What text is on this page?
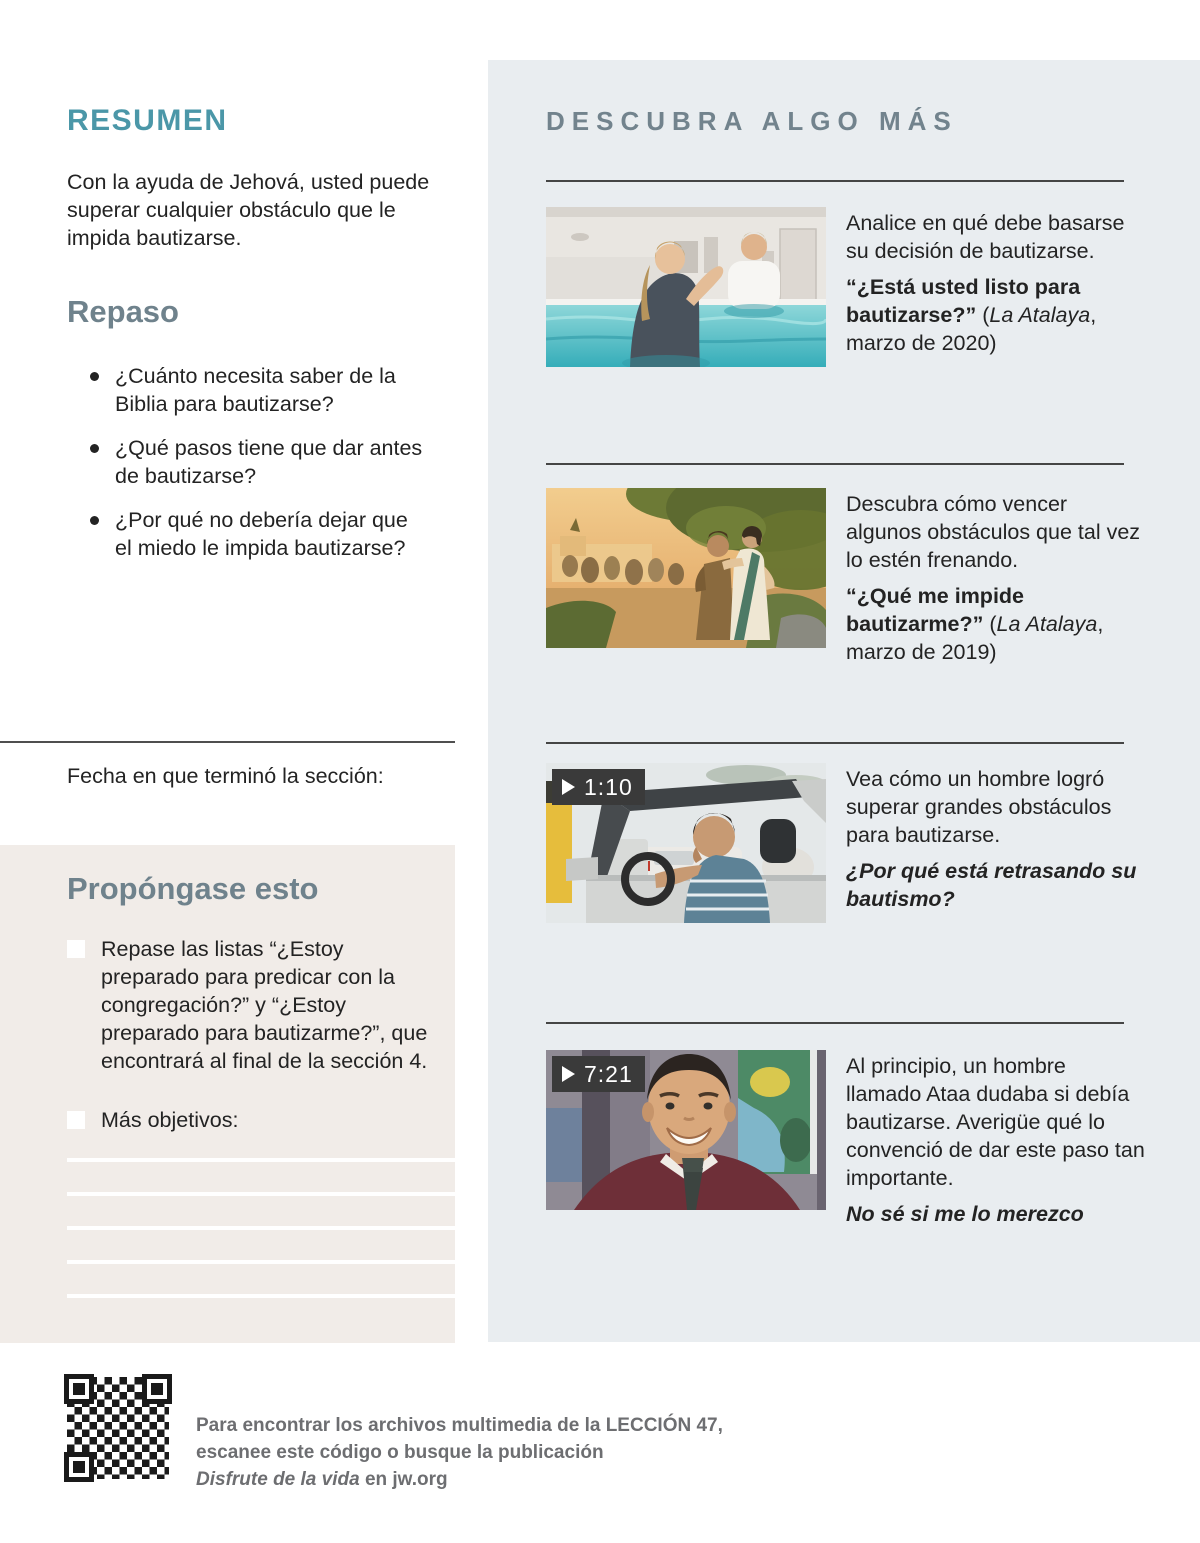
DESCUBRA ALGO MÁS

Analice en qué debe basarse su decisión de bautizarse.

“¿Está usted listo para bautizarse?” (La Atalaya, marzo de 2020)

Descubra cómo vencer algunos obstáculos que tal vez lo estén frenando.

“¿Qué me impide bautizarme?” (La Atalaya, marzo de 2019)

1:10	Vea cómo un hombre logró superar grandes obstáculos para bautizarse.

¿Por qué está retrasando su bautismo?

7:21	Al principio, un hombre llamado Ataa dudaba si debía bautizarse. Averigüe qué lo convenció de dar este paso tan importante.

No sé si me lo merezco

RESUMEN

Con la ayuda de Jehová, usted puede superar cualquier obstáculo que le impida bautizarse.

Repaso
¿Cuánto necesita saber de la Biblia para bautizarse?
¿Qué pasos tiene que dar antes de bautizarse?
¿Por qué no debería dejar que el miedo le impida bautizarse?

Fecha en que terminó la sección:

Propóngase esto
Repase las listas “¿Estoy preparado para predicar con la congregación?” y “¿Estoy preparado para bautizarme?”, que encontrará al final de la sección 4.
Más objetivos:
Para encontrar los archivos multimedia de la LECCIÓN 47,
escanee este código o busque la publicación
Disfrute de la vida en jw.org
